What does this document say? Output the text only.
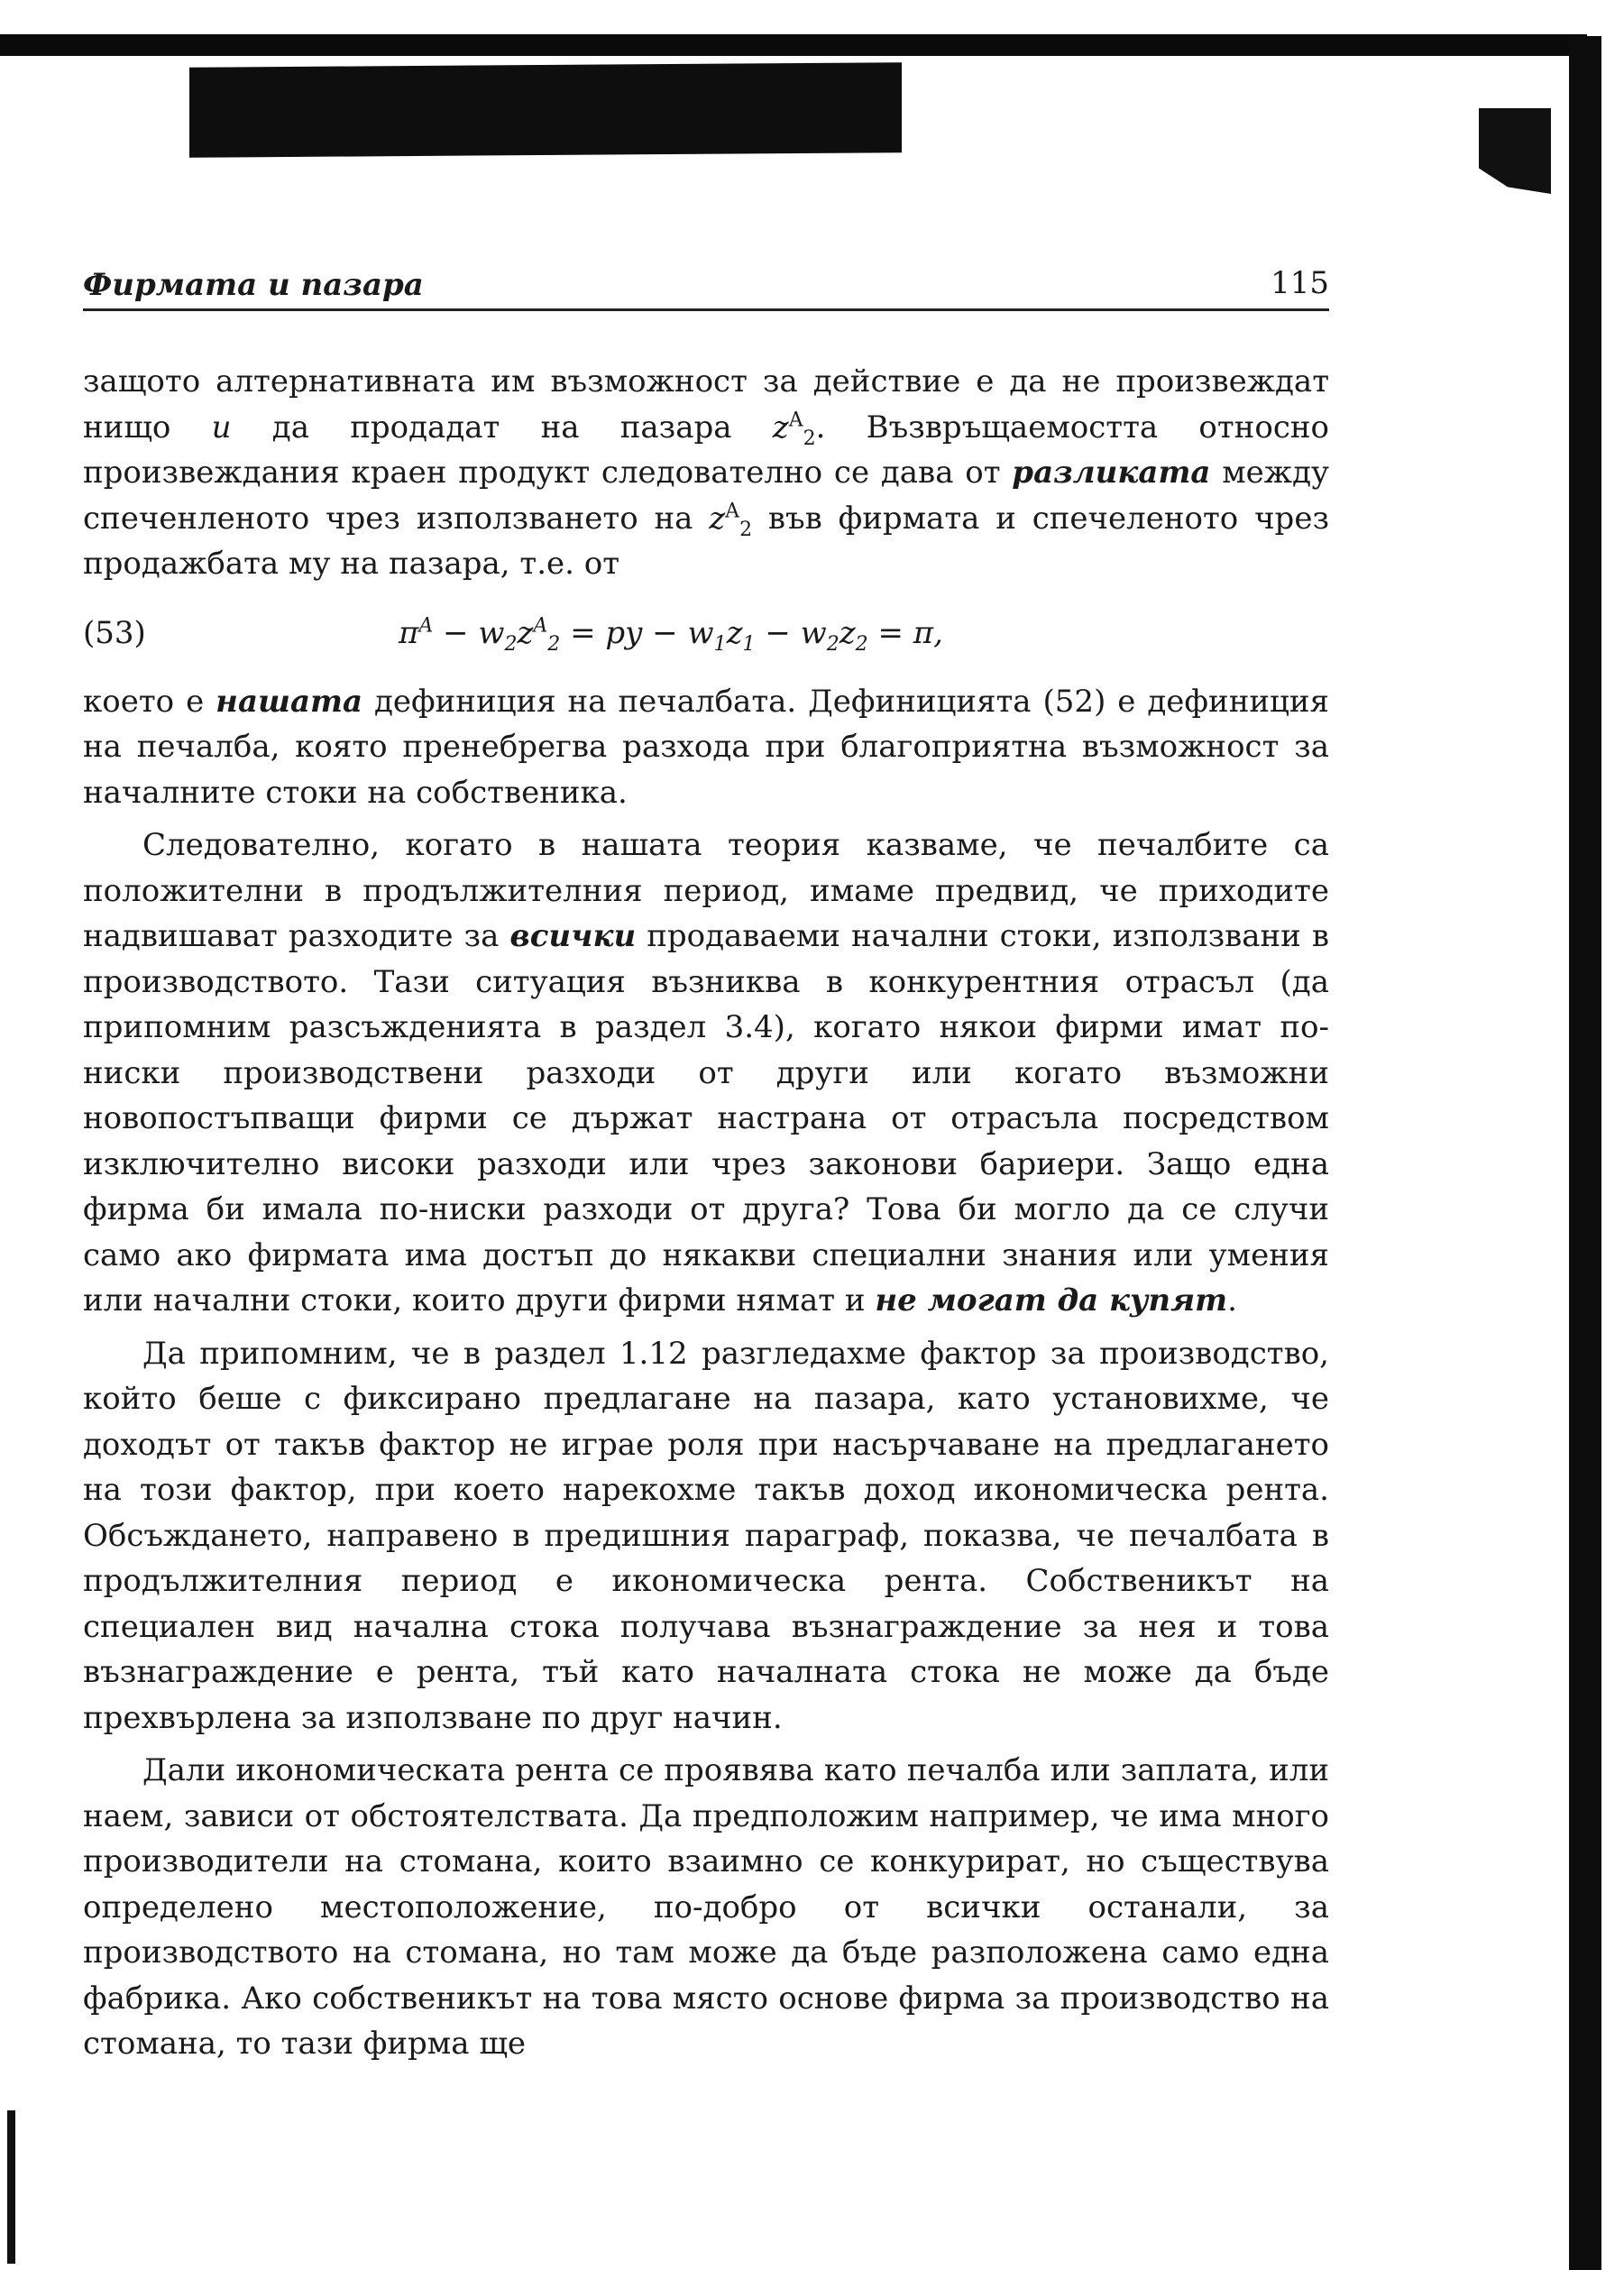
Фирмата и пазара	115

защото алтернативната им възможност за действие е да не произвеждат нищо и да продадат на пазара $z^A_2$. Възвръщаемостта относно произвеждания краен продукт следователно се дава от разликата между спеченленото чрез използването на $z^A_2$ във фирмата и спечеленото чрез продажбата му на пазара, т.е. от

(53)	$\pi^A - w_2z^A_2$ = py − $w_1z_1 - w_2z_2 = \pi$,

което е нашата дефиниция на печалбата. Дефиницията (52) е дефиниция на печалба, която пренебрегва разхода при благоприятна възможност за началните стоки на собственика.

Следователно, когато в нашата теория казваме, че печалбите са положителни в продължителния период, имаме предвид, че приходите надвишават разходите за всички продаваеми начални стоки, използвани в производството. Тази ситуация възниква в конкурентния отрасъл (да припомним разсъжденията в раздел 3.4), когато някои фирми имат по-ниски производствени разходи от други или когато възможни новопостъпващи фирми се държат настрана от отрасъла посредством изключително високи разходи или чрез законови бариери. Защо една фирма би имала по-ниски разходи от друга? Това би могло да се случи само ако фирмата има достъп до някакви специални знания или умения или начални стоки, които други фирми нямат и не могат да купят.

Да припомним, че в раздел 1.12 разгледахме фактор за производство, който беше с фиксирано предлагане на пазара, като установихме, че доходът от такъв фактор не играе роля при насърчаване на предлагането на този фактор, при което нарекохме такъв доход икономическа рента. Обсъждането, направено в предишния параграф, показва, че печалбата в продължителния период е икономическа рента. Собственикът на специален вид начална стока получава възнаграждение за нея и това възнаграждение е рента, тъй като началната стока не може да бъде прехвърлена за използване по друг начин.

Дали икономическата рента се проявява като печалба или заплата, или наем, зависи от обстоятелствата. Да предположим например, че има много производители на стомана, които взаимно се конкурират, но съществува определено местоположение, по-добро от всички останали, за производството на стомана, но там може да бъде разположена само една фабрика. Ако собственикът на това място основе фирма за производство на стомана, то тази фирма ще
